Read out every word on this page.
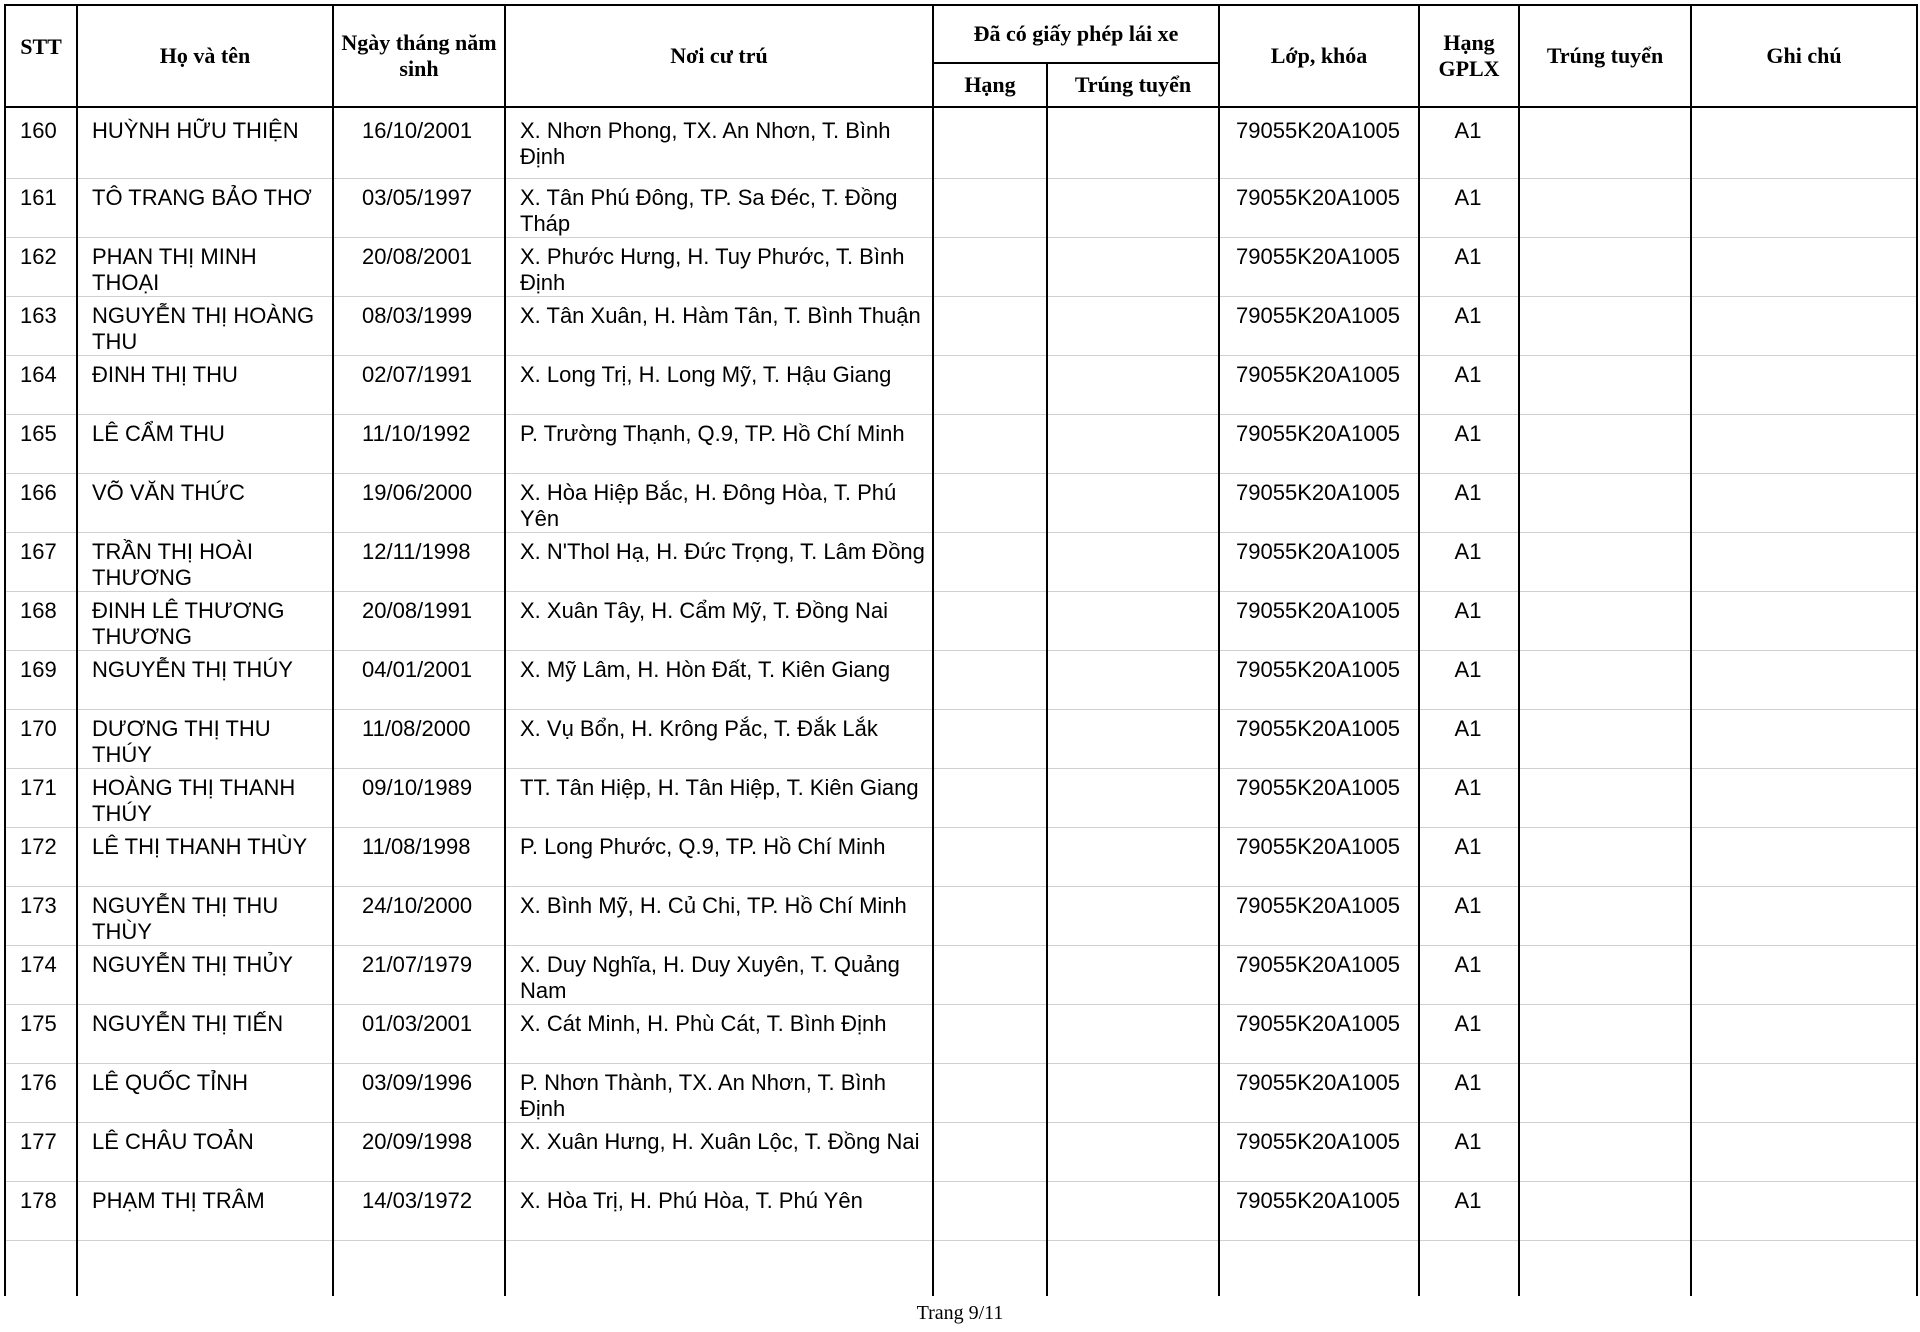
STT	Họ và tên	Ngày tháng năm sinh	Nơi cư trú	Đã có giấy phép lái xe		Lớp, khóa	Hạng GPLX	Trúng tuyển	Ghi chú
				Hạng	Trúng tuyển				
160	HUỲNH HỮU THIỆN	16/10/2001	X. Nhơn Phong, TX. An Nhơn, T. Bình Định			79055K20A1005	A1		
161	TÔ TRANG BẢO THƠ	03/05/1997	X. Tân Phú Đông, TP. Sa Đéc, T. Đồng Tháp			79055K20A1005	A1		
162	PHAN THỊ MINH THOẠI	20/08/2001	X. Phước Hưng, H. Tuy Phước, T. Bình Định			79055K20A1005	A1		
163	NGUYỄN THỊ HOÀNG THU	08/03/1999	X. Tân Xuân, H. Hàm Tân, T. Bình Thuận			79055K20A1005	A1		
164	ĐINH THỊ THU	02/07/1991	X. Long Trị, H. Long Mỹ, T. Hậu Giang			79055K20A1005	A1		
165	LÊ CẨM THU	11/10/1992	P. Trường Thạnh, Q.9, TP. Hồ Chí Minh			79055K20A1005	A1		
166	VÕ VĂN THỨC	19/06/2000	X. Hòa Hiệp Bắc, H. Đông Hòa, T. Phú Yên			79055K20A1005	A1		
167	TRẦN THỊ HOÀI THƯƠNG	12/11/1998	X. N'Thol Hạ, H. Đức Trọng, T. Lâm Đồng			79055K20A1005	A1		
168	ĐINH LÊ THƯƠNG THƯƠNG	20/08/1991	X. Xuân Tây, H. Cẩm Mỹ, T. Đồng Nai			79055K20A1005	A1		
169	NGUYỄN THỊ THÚY	04/01/2001	X. Mỹ Lâm, H. Hòn Đất, T. Kiên Giang			79055K20A1005	A1		
170	DƯƠNG THỊ THU THÚY	11/08/2000	X. Vụ Bổn, H. Krông Pắc, T. Đắk Lắk			79055K20A1005	A1		
171	HOÀNG THỊ THANH THÚY	09/10/1989	TT. Tân Hiệp, H. Tân Hiệp, T. Kiên Giang			79055K20A1005	A1		
172	LÊ THỊ THANH THÙY	11/08/1998	P. Long Phước, Q.9, TP. Hồ Chí Minh			79055K20A1005	A1		
173	NGUYỄN THỊ THU THÙY	24/10/2000	X. Bình Mỹ, H. Củ Chi, TP. Hồ Chí Minh			79055K20A1005	A1		
174	NGUYỄN THỊ THỦY	21/07/1979	X. Duy Nghĩa, H. Duy Xuyên, T. Quảng Nam			79055K20A1005	A1		
175	NGUYỄN THỊ TIẾN	01/03/2001	X. Cát Minh, H. Phù Cát, T. Bình Định			79055K20A1005	A1		
176	LÊ QUỐC TỈNH	03/09/1996	P. Nhơn Thành, TX. An Nhơn, T. Bình Định			79055K20A1005	A1		
177	LÊ CHÂU TOẢN	20/09/1998	X. Xuân Hưng, H. Xuân Lộc, T. Đồng Nai			79055K20A1005	A1		
178	PHẠM THỊ TRÂM	14/03/1972	X. Hòa Trị, H. Phú Hòa, T. Phú Yên			79055K20A1005	A1		

Trang 9/11
